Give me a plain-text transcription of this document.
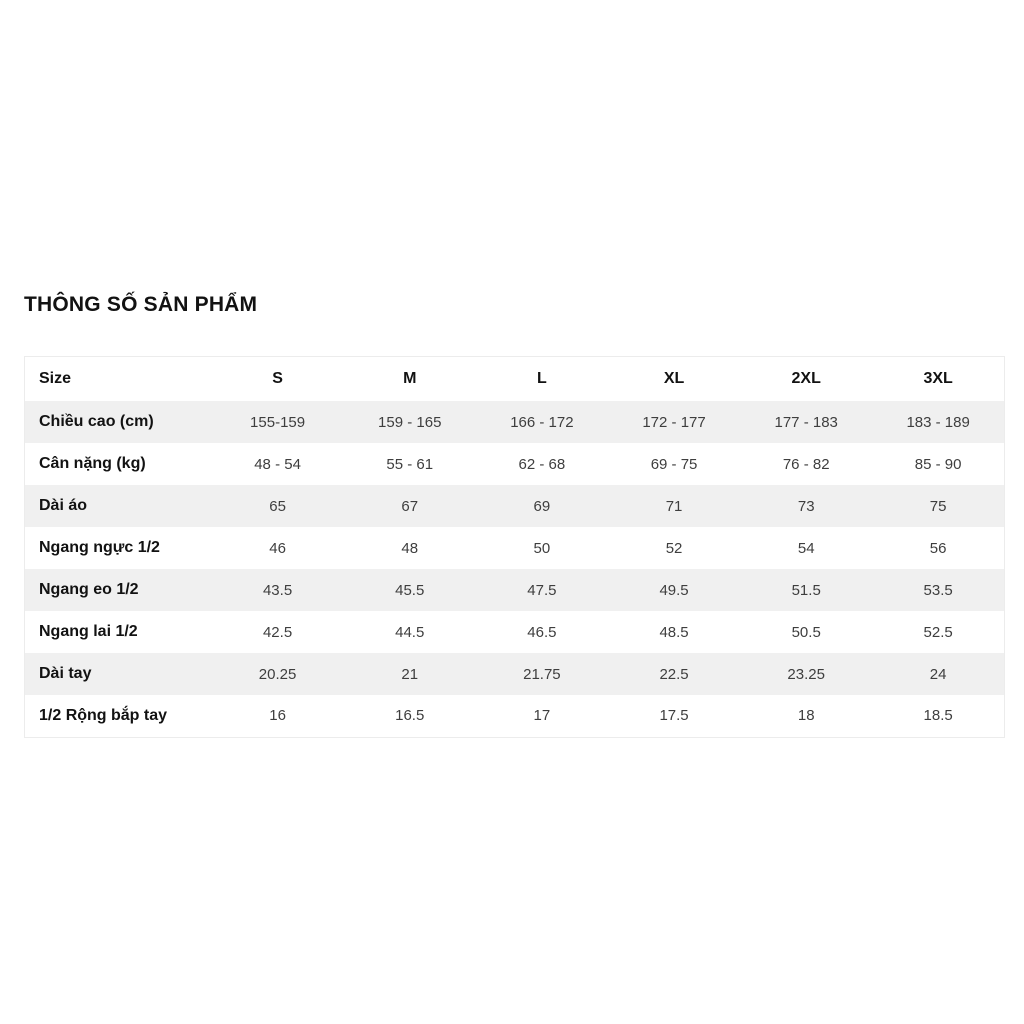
THÔNG SỐ SẢN PHẨM
Size	S	M	L	XL	2XL	3XL
Chiều cao (cm)	155-159	159 - 165	166 - 172	172 - 177	177 - 183	183 - 189
Cân nặng (kg)	48 - 54	55 - 61	62 - 68	69 - 75	76 - 82	85 - 90
Dài áo	65	67	69	71	73	75
Ngang ngực 1/2	46	48	50	52	54	56
Ngang eo 1/2	43.5	45.5	47.5	49.5	51.5	53.5
Ngang lai 1/2	42.5	44.5	46.5	48.5	50.5	52.5
Dài tay	20.25	21	21.75	22.5	23.25	24
1/2 Rộng bắp tay	16	16.5	17	17.5	18	18.5
